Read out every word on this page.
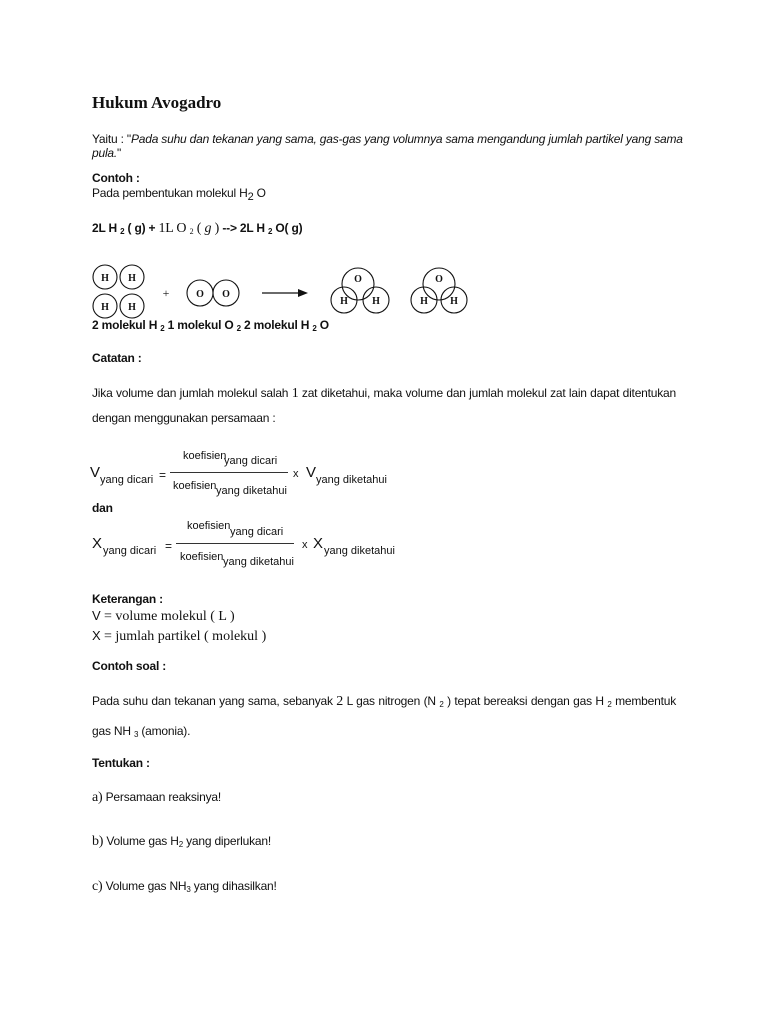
Hukum Avogadro
Yaitu : "Pada suhu dan tekanan yang sama, gas-gas yang volumnya sama mengandung jumlah partikel yang sama pula."
Contoh :
Pada pembentukan molekul H2 O
2L H $_2$ ( g) + 1L O $_2$ ( g ) --> 2L H $_2$ O( g)
H H
H H
O O
O
H H
O
H H
+
2 molekul H $_2$ 1 molekul O $_2$ 2 molekul H $_2$ O
Catatan :
Jika volume dan jumlah molekul salah 1 zat diketahui, maka volume dan jumlah molekul zat lain dapat ditentukan dengan menggunakan persamaan :
V yang dicari =
koefisien
yang dicari
koefisien yang diketahui
x V yang diketahui
dan
X yang dicari =
koefisien yang dicari
koefisien yang diketahui
x X yang diketahui
Keterangan :
V = volume molekul ( L )
X = jumlah partikel ( molekul )
Contoh soal :
Pada suhu dan tekanan yang sama, sebanyak 2 L gas nitrogen (N $_2$ ) tepat bereaksi dengan gas H $_2$ membentuk gas NH $_3$ (amonia).
Tentukan :
a) Persamaan reaksinya!
b) Volume gas $H_2$ yang diperlukan!
c) Volume gas $NH_3$ yang dihasilkan!
